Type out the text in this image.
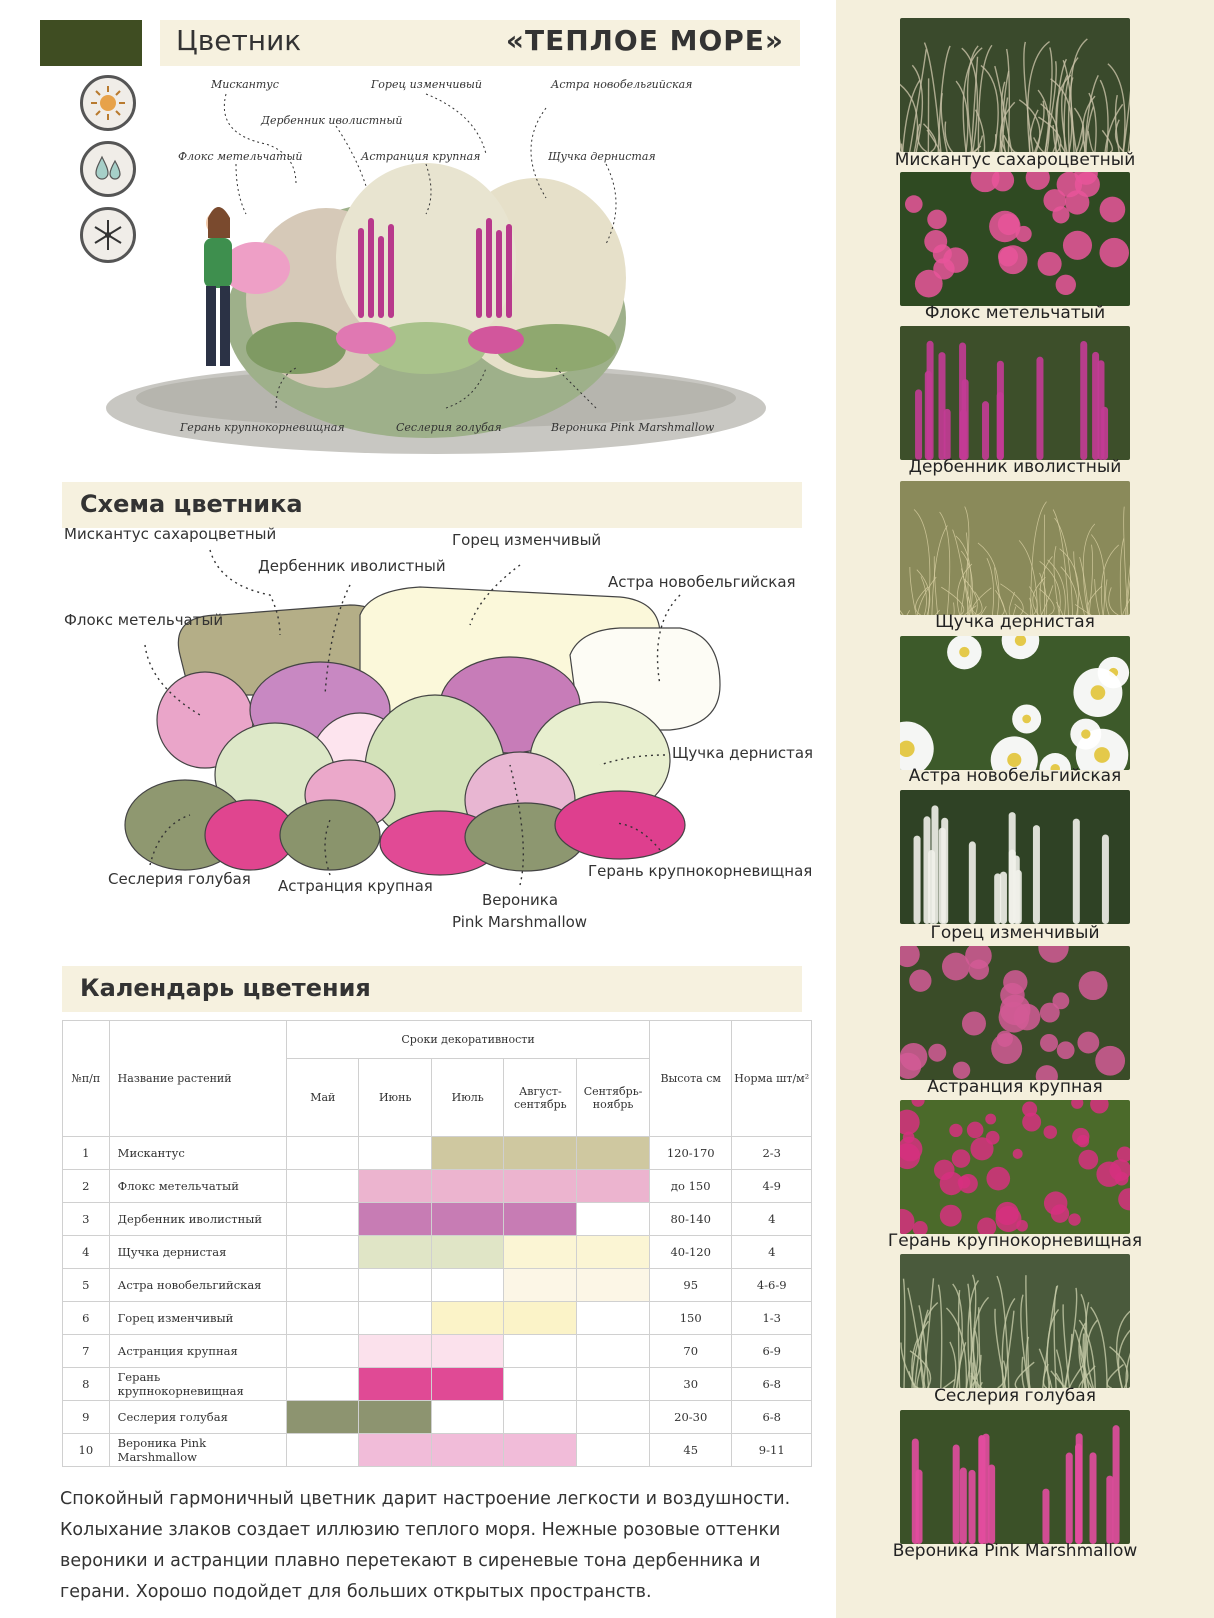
Цветник	«ТЕПЛОЕ МОРЕ»
Мискантус	Горец изменчивый	Астра новобельгийская
Дербенник иволистный
Флокс метельчатый	Астранция крупная	Щучка дернистая
Герань крупнокорневищная	Сеслерия голубая	Вероника Pink Marshmallow
Схема цветника
Мискантус сахароцветный	Горец изменчивый
Дербенник иволистный
Астра новобельгийская
Флокс метельчатый
Щучка дернистая
Герань крупнокорневищная
Сеслерия голубая Астранция крупная
Вероника
Pink Marshmallow
Календарь цветения
№п/п	Название растений	Сроки декоративности					Высота см	Норма шт/м²
		Май	Июнь	Июль	Август-сентябрь	Сентябрь-ноябрь		
1	Мискантус						120-170	2-3
2	Флокс метельчатый						до 150	4-9
3	Дербенник иволистный						80-140	4
4	Щучка дернистая						40-120	4
5	Астра новобельгийская						95	4-6-9
6	Горец изменчивый						150	1-3
7	Астранция крупная						70	6-9
8	Герань крупнокорневищная						30	6-8
9	Сеслерия голубая						20-30	6-8
10	Вероника Pink Marshmallow						45	9-11
Спокойный гармоничный цветник дарит настроение легкости и воздушности. Колыхание злаков создает иллюзию теплого моря. Нежные розовые оттенки вероники и астранции плавно перетекают в сиреневые тона дербенника и герани. Хорошо подойдет для больших открытых пространств.
Мискантус сахароцветный
Флокс метельчатый
Дербенник иволистный
Щучка дернистая
Астра новобельгийская
Горец изменчивый
Астранция крупная
Герань крупнокорневищная
Сеслерия голубая
Вероника Pink Marshmallow
